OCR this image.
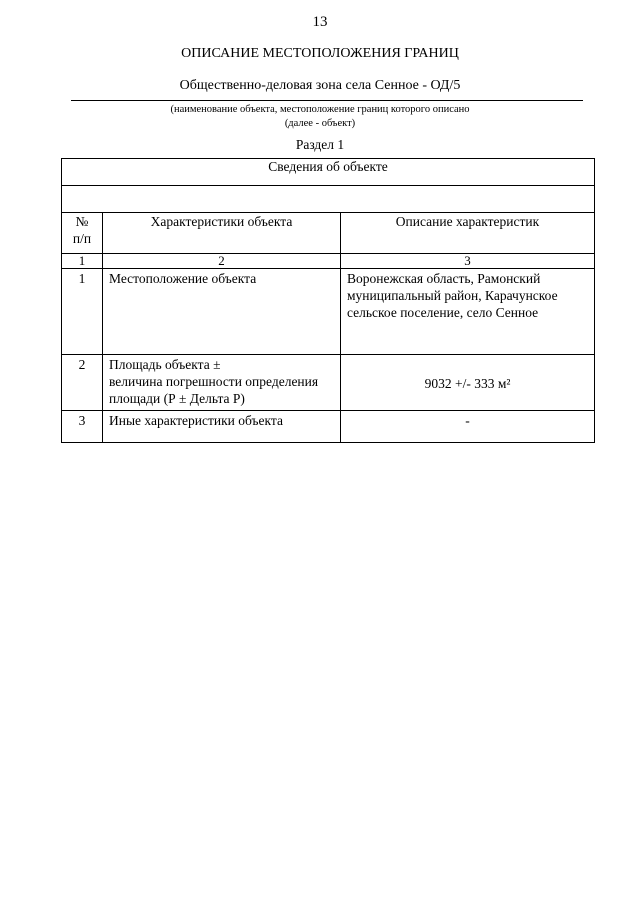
13
ОПИСАНИЕ МЕСТОПОЛОЖЕНИЯ ГРАНИЦ
Общественно-деловая зона села Сенное - ОД/5
(наименование объекта, местоположение границ которого описано
(далее - объект)
Раздел 1
Сведения об объекте		

№
п/п	Характеристики объекта	Описание характеристик
1	2	3
1	Местоположение объекта	Воронежская область, Рамонский
муниципальный район, Карачунское
сельское поселение, село Сенное

2	Площадь объекта ±
величина погрешности определения
площади (Р ± Дельта Р)	9032 +/- 333 м²

3	Иные характеристики объекта	-
